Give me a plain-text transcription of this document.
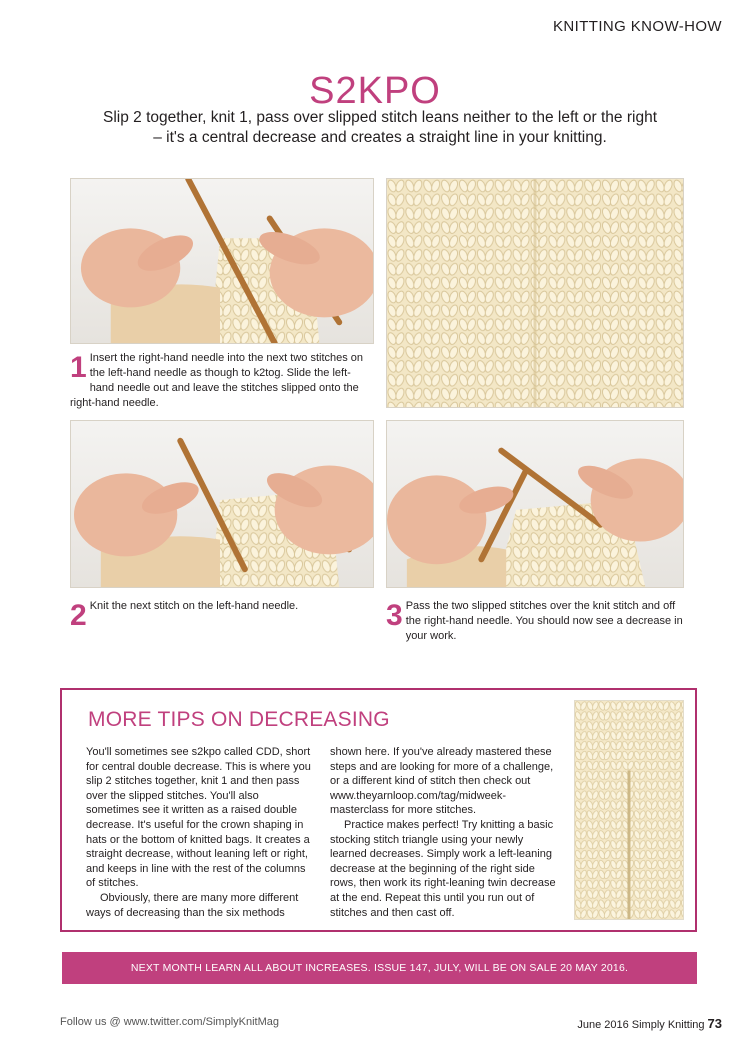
KNITTING KNOW-HOW
S2KPO
Slip 2 together, knit 1, pass over slipped stitch leans neither to the left or the right – it's a central decrease and creates a straight line in your knitting.
1 Insert the right-hand needle into the next two stitches on the left-hand needle as though to k2tog. Slide the left-hand needle out and leave the stitches slipped onto the right-hand needle.
2 Knit the next stitch on the left-hand needle.	3 Pass the two slipped stitches over the knit stitch and off the right-hand needle. You should now see a decrease in your work.
MORE TIPS ON DECREASING

You'll sometimes see s2kpo called CDD, short for central double decrease. This is where you slip 2 stitches together, knit 1 and then pass over the slipped stitches. You'll also sometimes see it written as a raised double decrease. It's useful for the crown shaping in hats or the bottom of knitted bags. It creates a straight decrease, without leaning left or right, and keeps in line with the rest of the columns of stitches.

Obviously, there are many more different ways of decreasing than the six methods

shown here. If you've already mastered these steps and are looking for more of a challenge, or a different kind of stitch then check out www.theyarnloop.com/tag/midweek-masterclass for more stitches.

Practice makes perfect! Try knitting a basic stocking stitch triangle using your newly learned decreases. Simply work a left-leaning decrease at the beginning of the right side rows, then work its right-leaning twin decrease at the end. Repeat this until you run out of stitches and then cast off.

NEXT MONTH LEARN ALL ABOUT INCREASES. ISSUE 147, JULY, WILL BE ON SALE 20 MAY 2016.
Follow us @ www.twitter.com/SimplyKnitMag	June 2016 Simply Knitting 73
